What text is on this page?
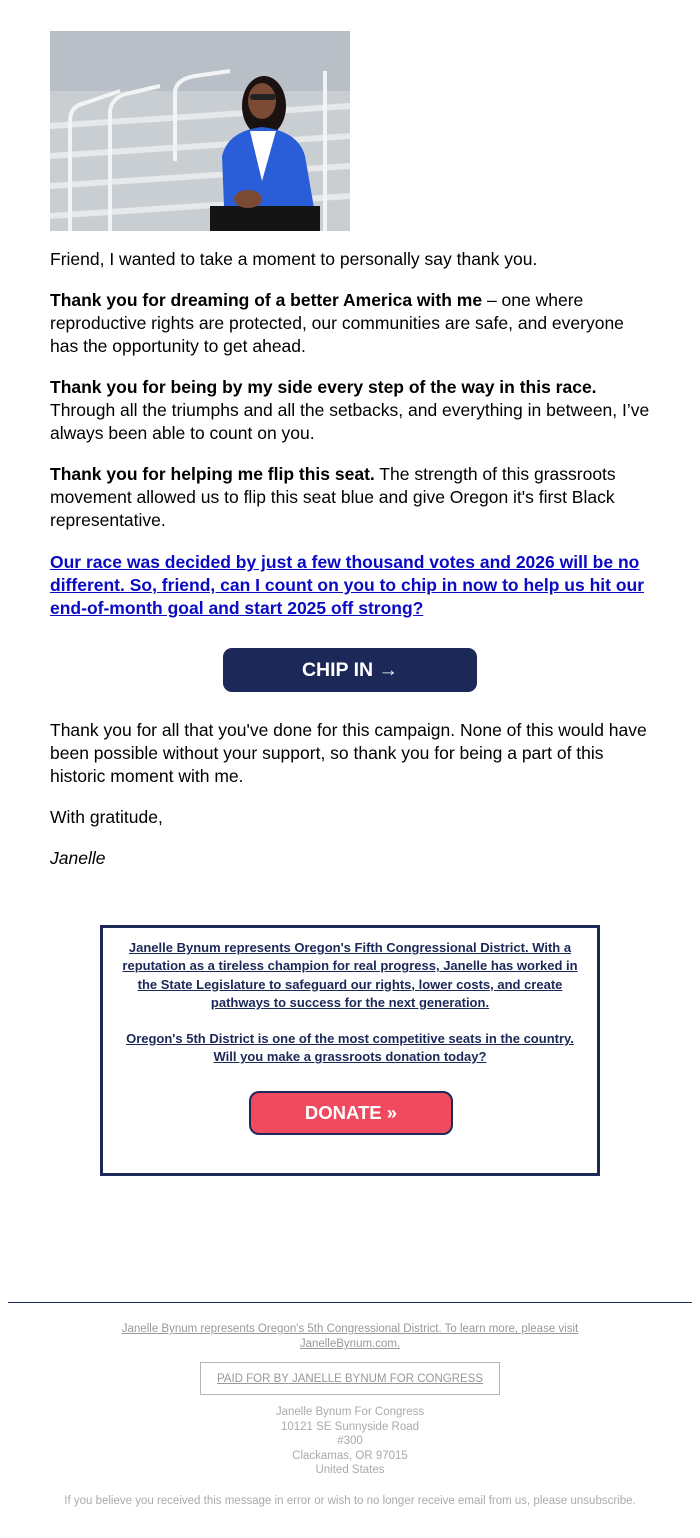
Friend, I wanted to take a moment to personally say thank you.

Thank you for dreaming of a better America with me – one where reproductive rights are protected, our communities are safe, and everyone has the opportunity to get ahead.

Thank you for being by my side every step of the way in this race. Through all the triumphs and all the setbacks, and everything in between, I’ve always been able to count on you.

Thank you for helping me flip this seat. The strength of this grassroots movement allowed us to flip this seat blue and give Oregon it's first Black representative.

Our race was decided by just a few thousand votes and 2026 will be no different. So, friend, can I count on you to chip in now to help us hit our end-of-month goal and start 2025 off strong?

CHIP IN →

Thank you for all that you've done for this campaign. None of this would have been possible without your support, so thank you for being a part of this historic moment with me.

With gratitude,

Janelle

Janelle Bynum represents Oregon's Fifth Congressional District. With a reputation as a tireless champion for real progress, Janelle has worked in the State Legislature to safeguard our rights, lower costs, and create pathways to success for the next generation.

Oregon's 5th District is one of the most competitive seats in the country. Will you make a grassroots donation today?

DONATE »

Janelle Bynum represents Oregon's 5th Congressional District. To learn more, please visit JanelleBynum.com.

PAID FOR BY JANELLE BYNUM FOR CONGRESS
Janelle Bynum For Congress
10121 SE Sunnyside Road
#300
Clackamas, OR 97015
United States

If you believe you received this message in error or wish to no longer receive email from us, please unsubscribe.
